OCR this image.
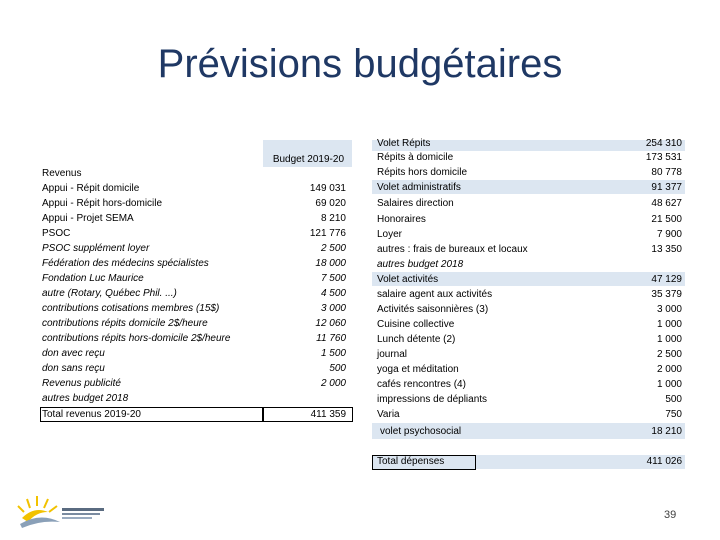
Prévisions budgétaires
Budget 2019-20
Revenus
Appui - Répit domicile	149 031
Appui - Répit hors-domicile	69 020
Appui - Projet SEMA	8 210
PSOC	121 776
PSOC supplément loyer	2 500
Fédération des médecins spécialistes	18 000
Fondation Luc Maurice	7 500
autre (Rotary, Québec Phil. ...)	4 500
contributions cotisations membres (15$)	3 000
contributions répits domicile 2$/heure	12 060
contributions répits hors-domicile 2$/heure	11 760
don avec reçu	1 500
don sans reçu	500
Revenus publicité	2 000
autres budget 2018
Total revenus 2019-20	411 359
Volet Répits	254 310
Répits à domicile	173 531
Répits hors domicile	80 778
Volet administratifs	91 377
Salaires direction	48 627
Honoraires	21 500
Loyer	7 900
autres : frais de bureaux et locaux	13 350
autres budget 2018
Volet activités	47 129
salaire agent aux activités	35 379
Activités saisonnières (3)	3 000
Cuisine collective	1 000
Lunch détente (2)	1 000
journal	2 500
yoga et méditation	2 000
cafés rencontres (4)	1 000
impressions de dépliants	500
Varia	750
volet psychosocial	18 210
Total dépenses	411 026
39
